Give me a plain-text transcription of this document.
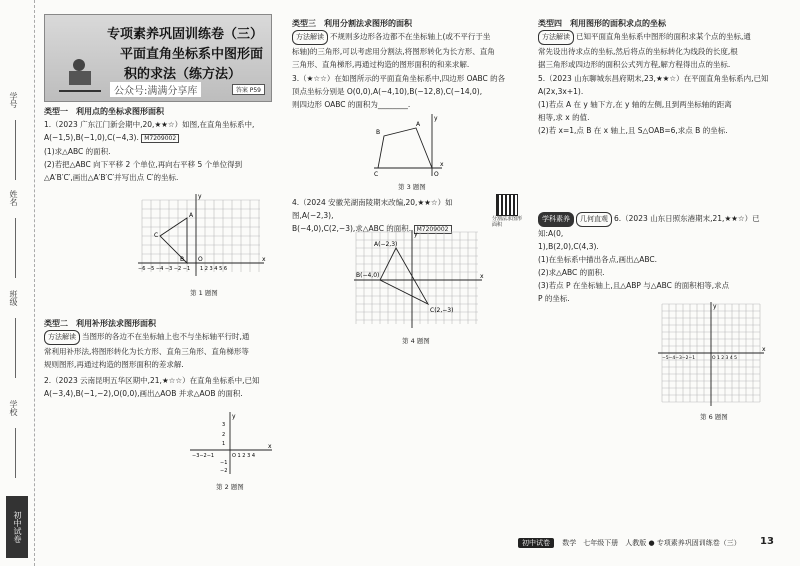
学号
姓名
班级
学校
初中试卷
专项素养巩固训练卷（三）
平面直角坐标系中图形面
积的求法（练方法）
答案 P59
公众号:满满分享库
类型一　利用点的坐标求图形面积
1.（2023 广东江门新会期中,20,★★☆）如图,在直角坐标系中,
A(−1,5),B(−1,0),C(−4,3). M7209002
(1)求△ABC 的面积.
(2)若把△ABC 向下平移 2 个单位,再向右平移 5 个单位得到
△A′B′C′,画出△A′B′C′并写出点 C′的坐标.
A
B
C
O
−6 −5 −4 −3 −2 −1 1 2 3 4 5 6
x
y
第 1 题图
类型二　利用补形法求图形面积
方法解读 当图形的各边不在坐标轴上也不与坐标轴平行时,通
常利用补形法,将图形转化为长方形、直角三角形、直角梯形等
规则图形,再通过构造的图形面积的差求解.
2.（2023 云南昆明五华区期中,21,★☆☆）在直角坐标系中,已知
A(−3,4),B(−1,−2),O(0,0),画出△AOB 并求△AOB 的面积.
y
x
−3−2−1	O 1 2 3 4
3
2
1
−1
−2
第 2 题图
类型三　利用分割法求图形的面积
方法解读 不规则多边形各边都不在坐标轴上(或不平行于坐
标轴)的三角形,可以考虑用分割法,将图形转化为长方形、直角
三角形、直角梯形,再通过构造的图形面积的和来求解.
3.（★☆☆）在如图所示的平面直角坐标系中,四边形 OABC 的各
顶点坐标分别是 O(0,0),A(−4,10),B(−12,8),C(−14,0),
则四边形 OABC 的面积为________.
A
B
C	O
x
y
第 3 题图
4.（2024 安徽芜湖南陵期末改编,20,★★☆）如图,A(−2,3),
B(−4,0),C(2,−3),求△ABC 的面积. M7209002
分割法求图形面积
A(−2,3)
B(−4,0)
C(2,−3)
x
y
第 4 题图
类型四　利用图形的面积求点的坐标
方法解读 已知平面直角坐标系中图形的面积求某个点的坐标,通
常先设出待求点的坐标,然后将点的坐标转化为线段的长度,根
据三角形或四边形的面积公式列方程,解方程得出点的坐标.
5.（2023 山东聊城东昌府期末,23,★★☆）在平面直角坐标系内,已知
A(2x,3x+1).
(1)若点 A 在 y 轴下方,在 y 轴的左侧,且到两坐标轴的距离
相等,求 x 的值.
(2)若 x=1,点 B 在 x 轴上,且 S△OAB=6,求点 B 的坐标.
学科素养 几何直观 6.（2023 山东日照东港期末,21,★★☆）已知:A(0,
1),B(2,0),C(4,3).
(1)在坐标系中描出各点,画出△ABC.
(2)求△ABC 的面积.
(3)若点 P 在坐标轴上,且△ABP 与△ABC 的面积相等,求点
P 的坐标.
x
y
−5−4−3−2−1	O 1 2 3 4 5
第 6 题图
初中试卷 数学　七年级下册　人教版 ● 专项素养巩固训练卷（三） 13
